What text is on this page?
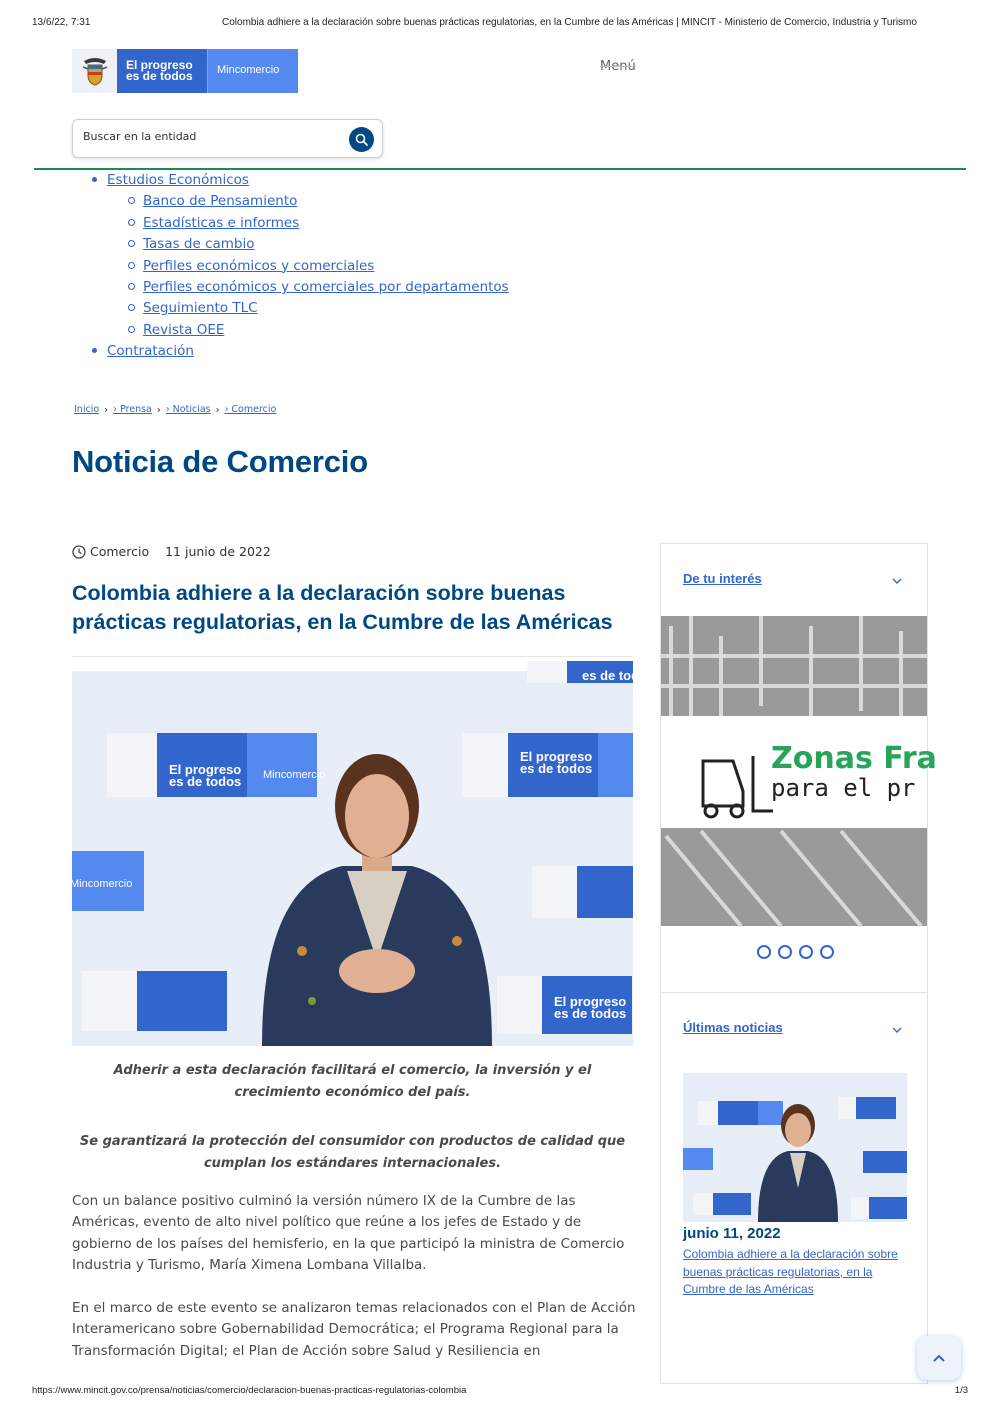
13/6/22, 7:31	Colombia adhiere a la declaración sobre buenas prácticas regulatorias, en la Cumbre de las Américas | MINCIT - Ministerio de Comercio, Industria y Turismo
El progreso
es de todos	Mincomercio	Menú
Buscar en la entidad
Estudios Económicos
Banco de Pensamiento
Estadísticas e informes
Tasas de cambio
Perfiles económicos y comerciales
Perfiles económicos y comerciales por departamentos
Seguimiento TLC
Revista OEE
Contratación
Inicio › › Prensa › › Noticias › › Comercio
Noticia de Comercio
Comercio 11 junio de 2022
Colombia adhiere a la declaración sobre buenas prácticas regulatorias, en la Cumbre de las Américas
El progreso
es de todos Mincomercio
El progreso
es de todos
es de tod
Mincomercio
El progreso
es de todos

Adherir a esta declaración facilitará el comercio, la inversión y el crecimiento económico del país.

Se garantizará la protección del consumidor con productos de calidad que cumplan los estándares internacionales.

Con un balance positivo culminó la versión número IX de la Cumbre de las Américas, evento de alto nivel político que reúne a los jefes de Estado y de gobierno de los países del hemisferio, en la que participó la ministra de Comercio Industria y Turismo, María Ximena Lombana Villalba.

En el marco de este evento se analizaron temas relacionados con el Plan de Acción Interamericano sobre Gobernabilidad Democrática; el Programa Regional para la Transformación Digital; el Plan de Acción sobre Salud y Resiliencia en

De tu interés
Zonas Fra
para el pr
Últimas noticias
junio 11, 2022
Colombia adhiere a la declaración sobre buenas prácticas regulatorias, en la Cumbre de las Américas
https://www.mincit.gov.co/prensa/noticias/comercio/declaracion-buenas-practicas-regulatorias-colombia	1/3
